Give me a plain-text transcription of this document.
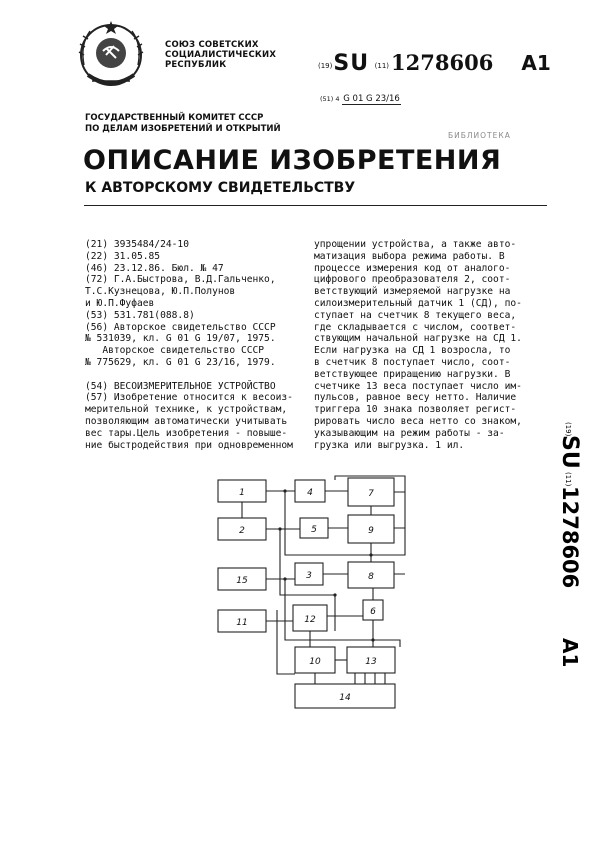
СОЮЗ СОВЕТСКИХ
СОЦИАЛИСТИЧЕСКИХ
РЕСПУБЛИК	(19)SU (11)1278606 A1
(51) 4 G 01 G 23/16
ГОСУДАРСТВЕННЫЙ КОМИТЕТ СССР
ПО ДЕЛАМ ИЗОБРЕТЕНИЙ И ОТКРЫТИЙ
БИБЛИОТЕКА
ОПИСАНИЕ ИЗОБРЕТЕНИЯ
К АВТОРСКОМУ СВИДЕТЕЛЬСТВУ
(21) 3935484/24-10
(22) 31.05.85
(46) 23.12.86. Бюл. № 47
(72) Г.А.Быстрова, В.Д.Гальченко,
Т.С.Кузнецова, Ю.П.Полунов
и Ю.П.Фуфаев
(53) 531.781(088.8)
(56) Авторское свидетельство СССР
№ 531039, кл. G 01 G 19/07, 1975.
Авторское свидетельство СССР
№ 775629, кл. G 01 G 23/16, 1979.

(54) ВЕСОИЗМЕРИТЕЛЬНОЕ УСТРОЙСТВО
(57) Изобретение относится к весоиз-
мерительной технике, к устройствам,
позволяющим автоматически учитывать
вес тары.Цель изобретения - повыше-
ние быстродействия при одновременном
упрощении устройства, а также авто-
матизация выбора режима работы. В
процессе измерения код от аналого-
цифрового преобразователя 2, соот-
ветствующий измеряемой нагрузке на
силоизмерительный датчик 1 (СД), по-
ступает на счетчик 8 текущего веса,
где складывается с числом, соответ-
ствующим начальной нагрузке на СД 1.
Если нагрузка на СД 1 возросла, то
в счетчик 8 поступает число, соот-
ветствующее приращению нагрузки. В
счетчике 13 веса поступает число им-
пульсов, равное весу нетто. Наличие
триггера 10 знака позволяет регист-
рировать число веса нетто со знаком,
указывающим на режим работы - за-
грузка или выгрузка. 1 ил.
(19)
SU
(11)
1278606
A1
1
2
15
11
4	7
5	9
3	8
12
6
10	13
14
